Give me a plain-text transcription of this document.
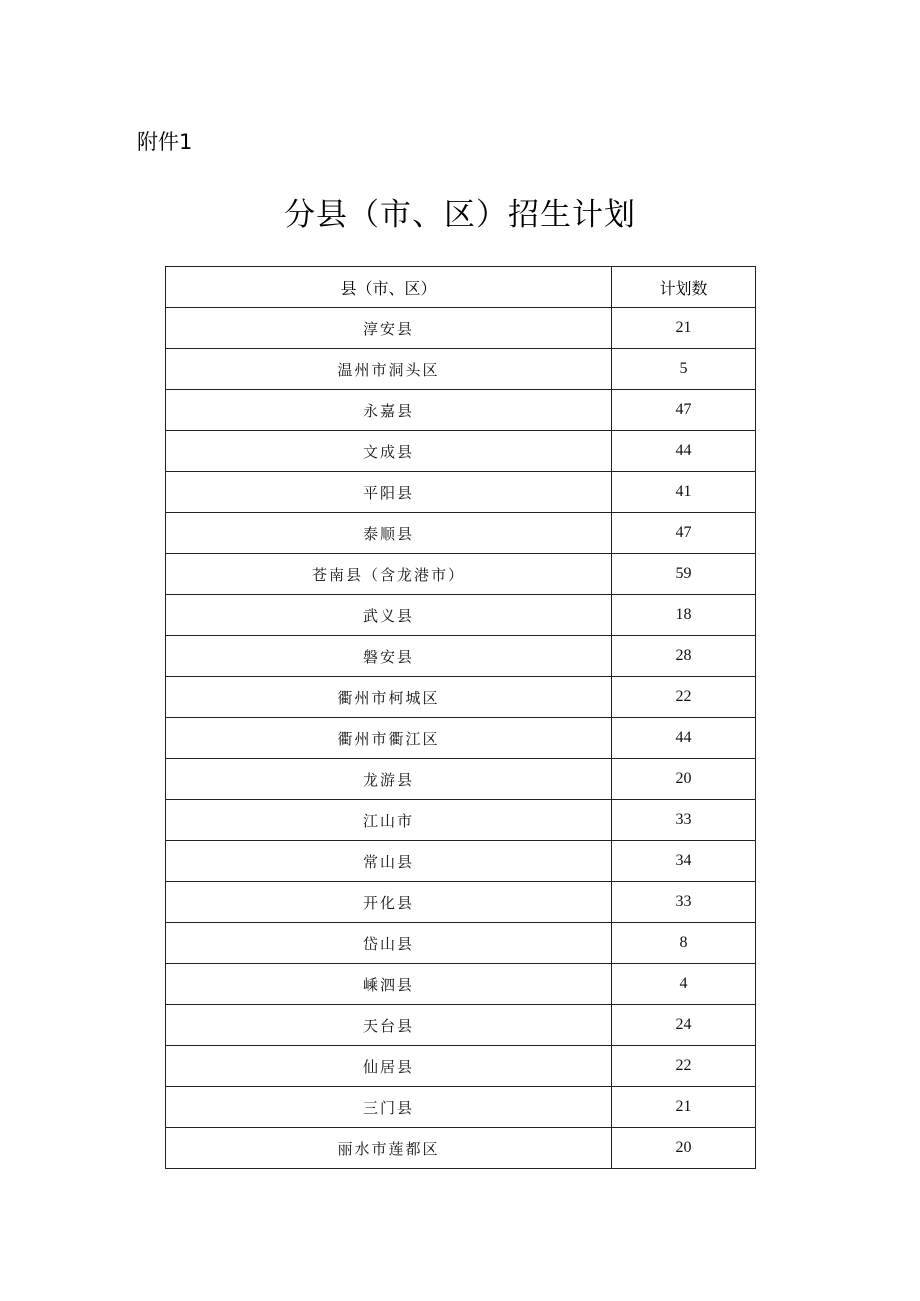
附件1
分县（市、区）招生计划
县（市、区）	计划数
淳安县	21
温州市洞头区	5
永嘉县	47
文成县	44
平阳县	41
泰顺县	47
苍南县（含龙港市）	59
武义县	18
磐安县	28
衢州市柯城区	22
衢州市衢江区	44
龙游县	20
江山市	33
常山县	34
开化县	33
岱山县	8
嵊泗县	4
天台县	24
仙居县	22
三门县	21
丽水市莲都区	20
